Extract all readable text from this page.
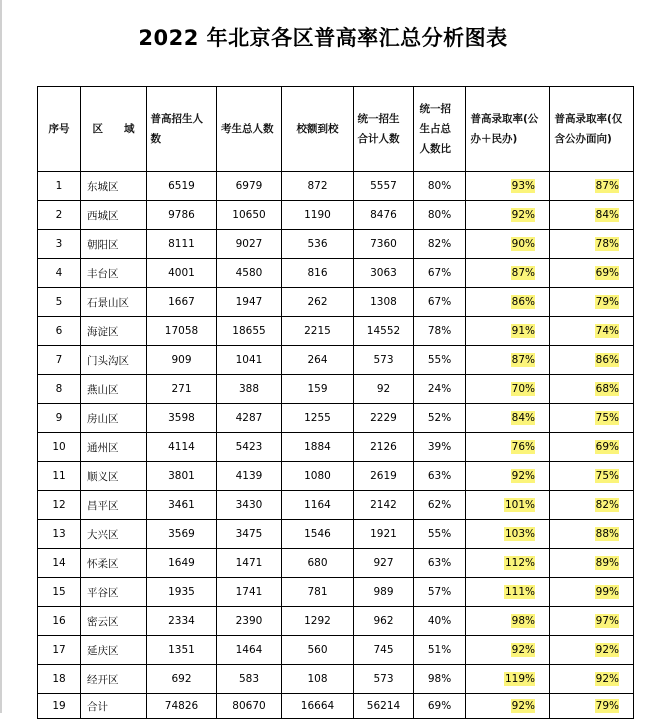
2022 年北京各区普高率汇总分析图表
序号	区　　域	普高招生人数	考生总人数	校额到校	统一招生合计人数	统一招生占总人数比	普高录取率(公办＋民办)	普高录取率(仅含公办面向)
1	东城区	6519	6979	872	5557	80%	93%	87%
2	西城区	9786	10650	1190	8476	80%	92%	84%
3	朝阳区	8111	9027	536	7360	82%	90%	78%
4	丰台区	4001	4580	816	3063	67%	87%	69%
5	石景山区	1667	1947	262	1308	67%	86%	79%
6	海淀区	17058	18655	2215	14552	78%	91%	74%
7	门头沟区	909	1041	264	573	55%	87%	86%
8	燕山区	271	388	159	92	24%	70%	68%
9	房山区	3598	4287	1255	2229	52%	84%	75%
10	通州区	4114	5423	1884	2126	39%	76%	69%
11	顺义区	3801	4139	1080	2619	63%	92%	75%
12	昌平区	3461	3430	1164	2142	62%	101%	82%
13	大兴区	3569	3475	1546	1921	55%	103%	88%
14	怀柔区	1649	1471	680	927	63%	112%	89%
15	平谷区	1935	1741	781	989	57%	111%	99%
16	密云区	2334	2390	1292	962	40%	98%	97%
17	延庆区	1351	1464	560	745	51%	92%	92%
18	经开区	692	583	108	573	98%	119%	92%
19	合计	74826	80670	16664	56214	69%	92%	79%
